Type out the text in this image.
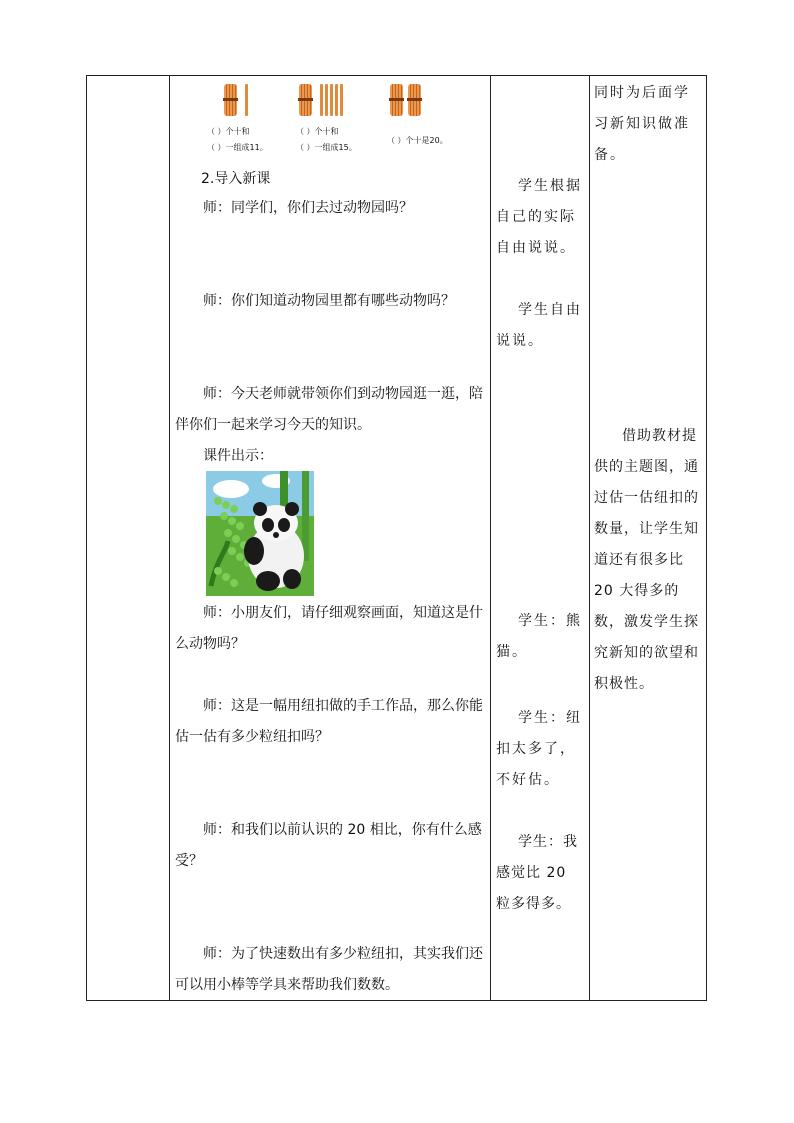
（ ）个十和
（ ）一组成11。
（ ）个十和
（ ）一组成15。
（ ）个十是20。

2.导入新课

师：同学们，你们去过动物园吗？

师：你们知道动物园里都有哪些动物吗？

师：今天老师就带领你们到动物园逛一逛，陪伴你们一起来学习今天的知识。

课件出示：

师：小朋友们，请仔细观察画面，知道这是什么动物吗？

师：这是一幅用纽扣做的手工作品，那么你能估一估有多少粒纽扣吗？

师：和我们以前认识的 20 相比，你有什么感受？

师：为了快速数出有多少粒纽扣，其实我们还可以用小棒等学具来帮助我们数数。

学生根据自己的实际自由说说。

学生自由说说。

学生：熊猫。

学生：纽扣太多了，不好估。

学生：我感觉比 20 粒多得多。

同时为后面学习新知识做准备。

借助教材提供的主题图，通过估一估纽扣的数量，让学生知道还有很多比 20 大得多的数，激发学生探究新知的欲望和积极性。
